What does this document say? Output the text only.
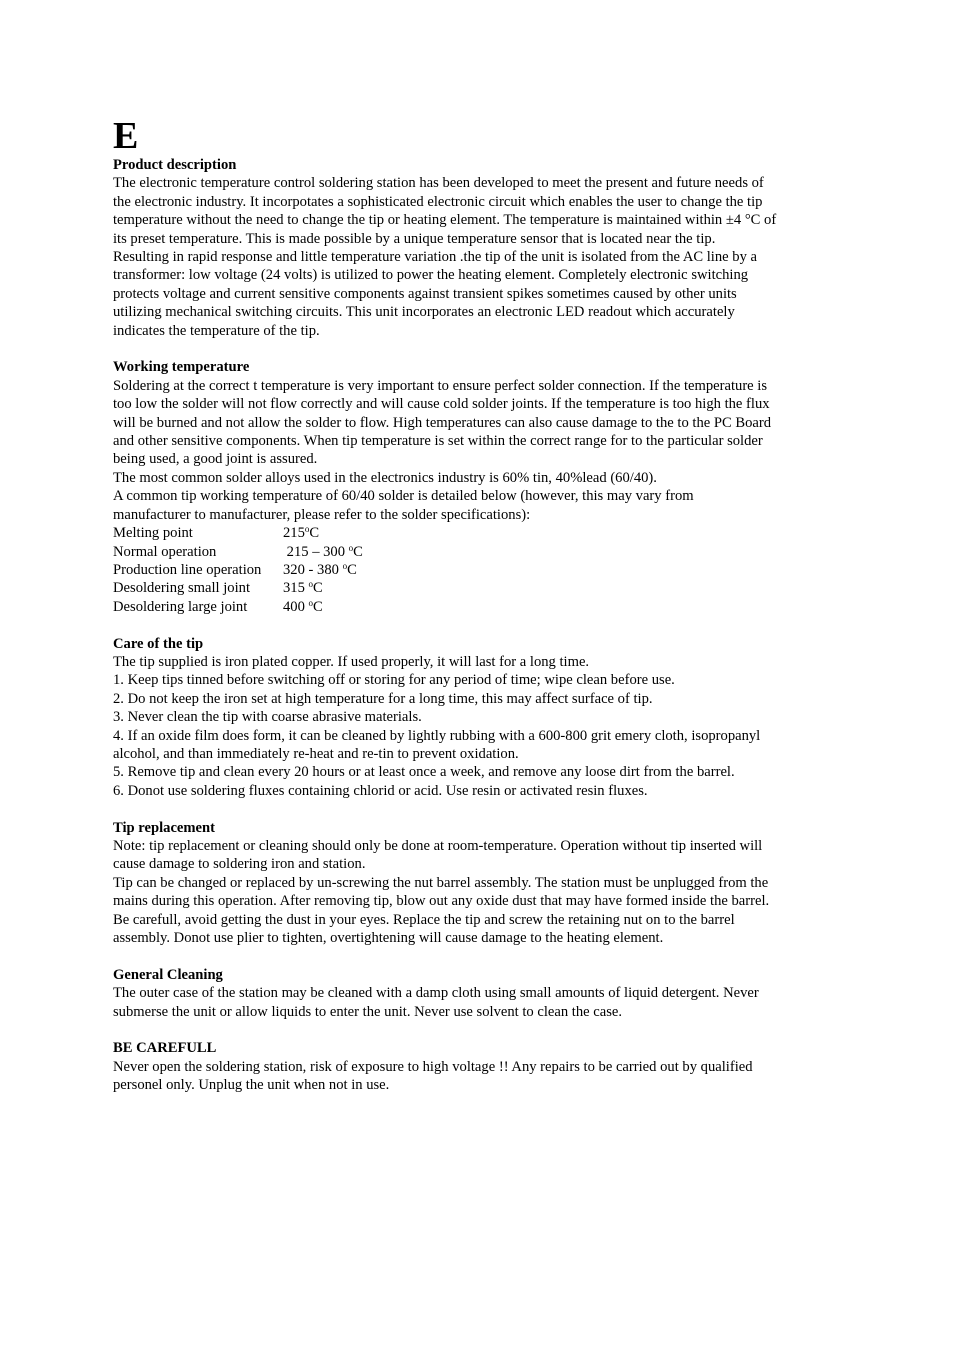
E
Product description
The electronic temperature control soldering station has been developed to meet the present and future needs of
the electronic industry. It incorpotates a sophisticated electronic circuit which enables the user to change the tip
temperature without the need to change the tip or heating element. The temperature is maintained within ±4 °C of
its preset temperature. This is made possible by a unique temperature sensor that is located near the tip.
Resulting in rapid response and little temperature variation .the tip of the unit is isolated from the AC line by a
transformer: low voltage (24 volts) is utilized to power the heating element. Completely electronic switching
protects voltage and current sensitive components against transient spikes sometimes caused by other units
utilizing mechanical switching circuits. This unit incorporates an electronic LED readout which accurately
indicates the temperature of the tip.
Working temperature
Soldering at the correct t temperature is very important to ensure perfect solder connection. If the temperature is
too low the solder will not flow correctly and will cause cold solder joints. If the temperature is too high the flux
will be burned and not allow the solder to flow. High temperatures can also cause damage to the to the PC Board
and other sensitive components. When tip temperature is set within the correct range for to the particular solder
being used, a good joint is assured.
The most common solder alloys used in the electronics industry is 60% tin, 40%lead (60/40).
A common tip working temperature of 60/40 solder is detailed below (however, this may vary from
manufacturer to manufacturer, please refer to the solder specifications):
Melting point	215$^o$C
Normal operation	215 – 300 $^o$C
Production line operation	320 - 380 $^o$C
Desoldering small joint	315 $^o$C
Desoldering large joint	400 $^o$C
Care of the tip
The tip supplied is iron plated copper. If used properly, it will last for a long time.
1. Keep tips tinned before switching off or storing for any period of time; wipe clean before use.
2. Do not keep the iron set at high temperature for a long time, this may affect surface of tip.
3. Never clean the tip with coarse abrasive materials.
4. If an oxide film does form, it can be cleaned by lightly rubbing with a 600-800 grit emery cloth, isopropanyl
alcohol, and than immediately re-heat and re-tin to prevent oxidation.
5. Remove tip and clean every 20 hours or at least once a week, and remove any loose dirt from the barrel.
6. Donot use soldering fluxes containing chlorid or acid. Use resin or activated resin fluxes.
Tip replacement
Note: tip replacement or cleaning should only be done at room-temperature. Operation without tip inserted will
cause damage to soldering iron and station.
Tip can be changed or replaced by un-screwing the nut barrel assembly. The station must be unplugged from the
mains during this operation. After removing tip, blow out any oxide dust that may have formed inside the barrel.
Be carefull, avoid getting the dust in your eyes. Replace the tip and screw the retaining nut on to the barrel
assembly. Donot use plier to tighten, overtightening will cause damage to the heating element.
General Cleaning
The outer case of the station may be cleaned with a damp cloth using small amounts of liquid detergent. Never
submerse the unit or allow liquids to enter the unit. Never use solvent to clean the case.
BE CAREFULL
Never open the soldering station, risk of exposure to high voltage !! Any repairs to be carried out by qualified
personel only. Unplug the unit when not in use.
